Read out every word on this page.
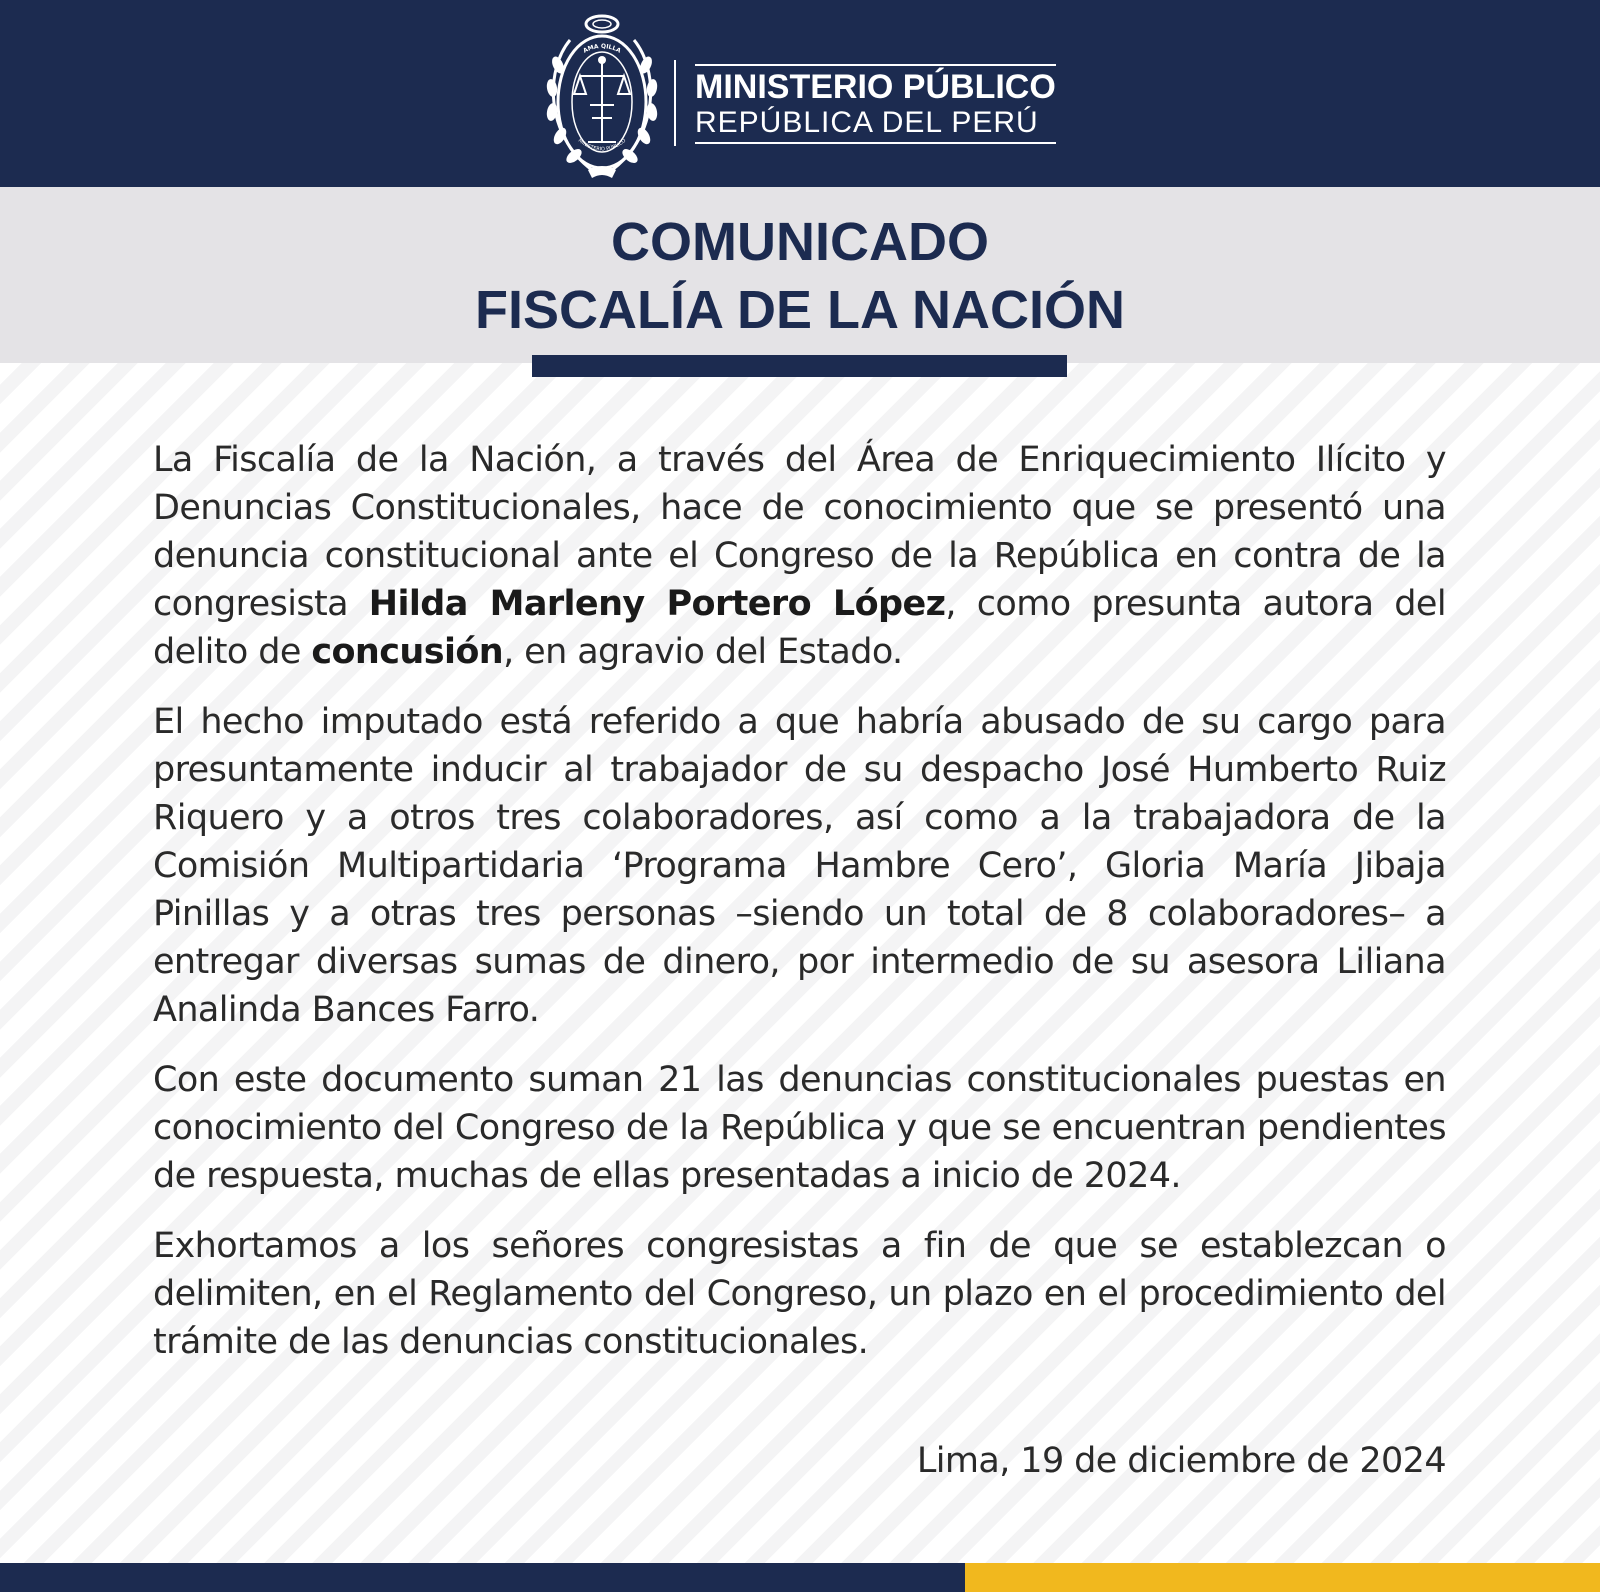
AMA QILLA
MINISTERIO PÚBLICO
MINISTERIO PÚBLICO
REPÚBLICA DEL PERÚ
COMUNICADO
FISCALÍA DE LA NACIÓN

La Fiscalía de la Nación, a través del Área de Enriquecimiento Ilícito y Denuncias Constitucionales, hace de conocimiento que se presentó una denuncia constitucional ante el Congreso de la República en contra de la congresista Hilda Marleny Portero López, como presunta autora del delito de concusión, en agravio del Estado.

El hecho imputado está referido a que habría abusado de su cargo para presuntamente inducir al trabajador de su despacho José Humberto Ruiz Riquero y a otros tres colaboradores, así como a la trabajadora de la Comisión Multipartidaria ‘Programa Hambre Cero’, Gloria María Jibaja Pinillas y a otras tres personas –siendo un total de 8 colaboradores– a entregar diversas sumas de dinero, por intermedio de su asesora Liliana Analinda Bances Farro.

Con este documento suman 21 las denuncias constitucionales puestas en conocimiento del Congreso de la República y que se encuentran pendientes de respuesta, muchas de ellas presentadas a inicio de 2024.

Exhortamos a los señores congresistas a fin de que se establezcan o delimiten, en el Reglamento del Congreso, un plazo en el procedimiento del trámite de las denuncias constitucionales.

Lima, 19 de diciembre de 2024
